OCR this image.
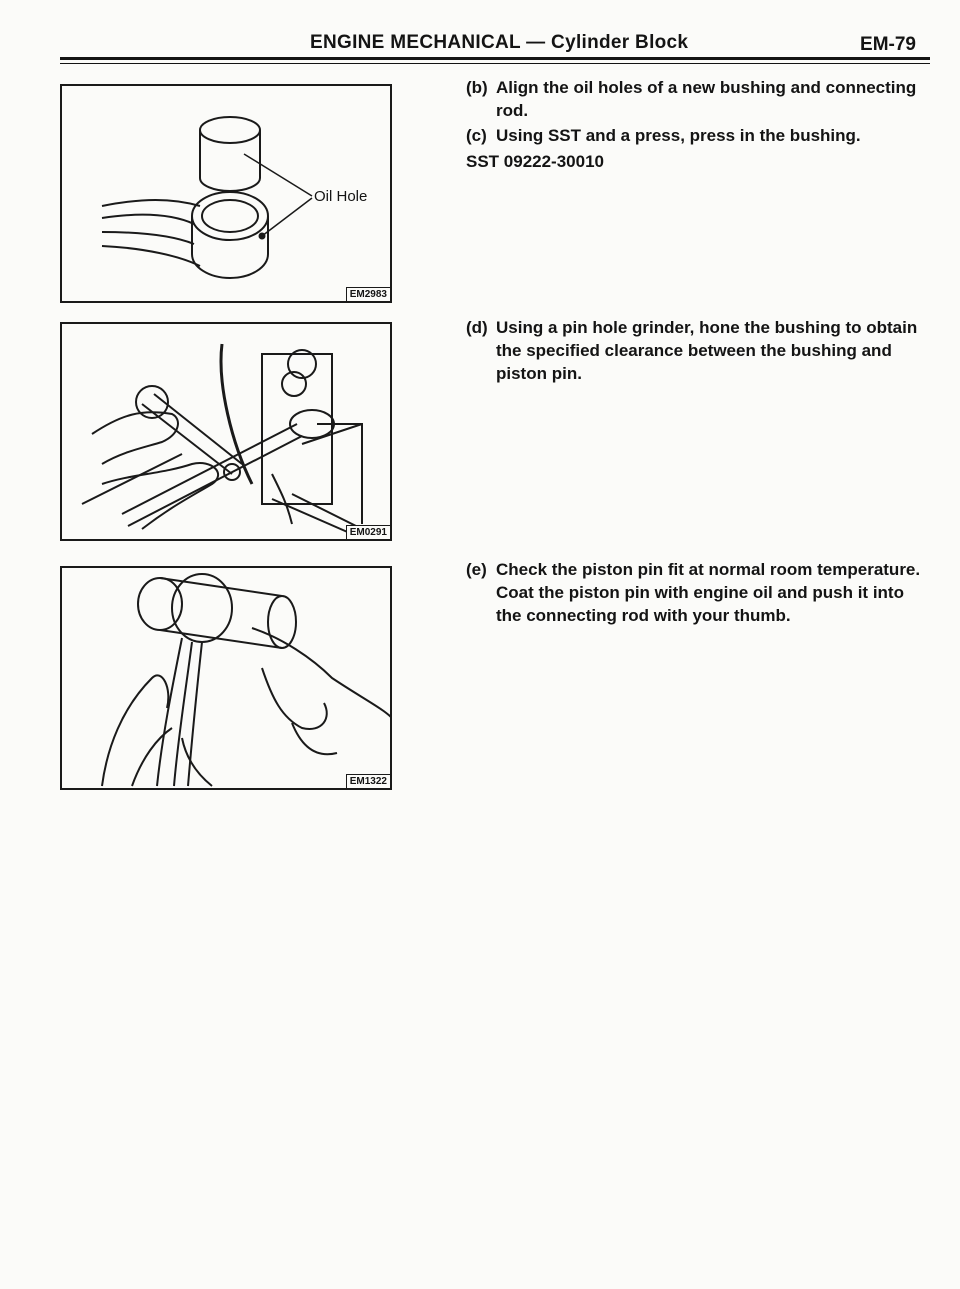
ENGINE MECHANICAL — Cylinder Block	EM-79
Oil Hole
EM2983
EM0291
EM1322
(b) Align the oil holes of a new bushing and connecting rod.
(c) Using SST and a press, press in the bushing.
SST 09222-30010
(d) Using a pin hole grinder, hone the bushing to obtain the specified clearance between the bushing and piston pin.
(e) Check the piston pin fit at normal room temperature. Coat the piston pin with engine oil and push it into the connecting rod with your thumb.
